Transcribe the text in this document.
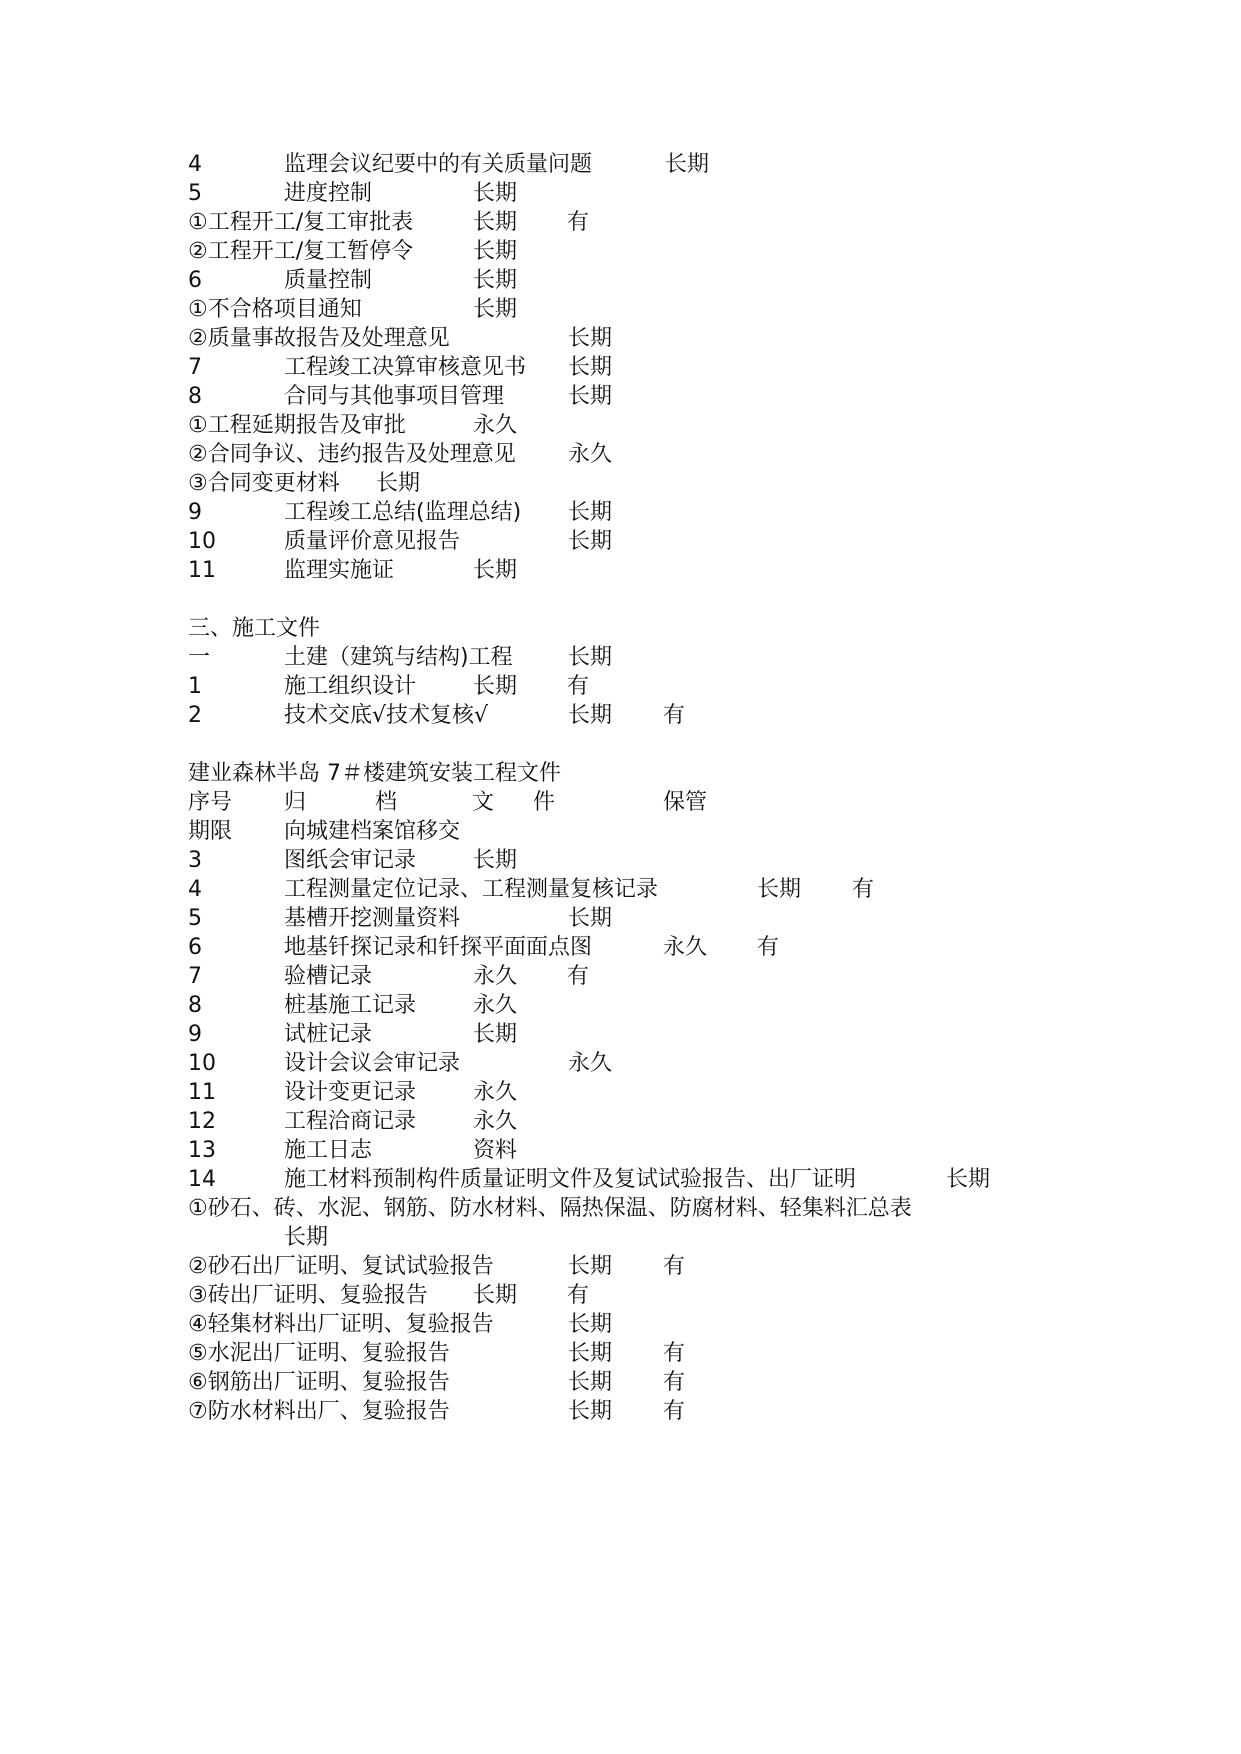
4	监理会议纪要中的有关质量问题	长期
5	进度控制	长期
①工程开工/复工审批表	长期 有
②工程开工/复工暂停令	长期
6	质量控制	长期
①不合格项目通知	长期
②质量事故报告及处理意见	长期
7	工程竣工决算审核意见书 长期
8	合同与其他事项目管理	长期
①工程延期报告及审批	永久
②合同争议、违约报告及处理意见 永久
③合同变更材料 长期
9	工程竣工总结(监理总结) 长期
10	质量评价意见报告	长期
11	监理实施证	长期
三、施工文件
一	土建（建筑与结构)工程	长期
1	施工组织设计	长期 有
2	技术交底√技术复核√	长期 有
建业森林半岛 7＃楼建筑安装工程文件
序号 归	档	文 件	保管
期限 向城建档案馆移交
3	图纸会审记录	长期
4	工程测量定位记录、工程测量复核记录	长期 有
5	基槽开挖测量资料	长期
6	地基钎探记录和钎探平面面点图	永久 有
7	验槽记录	永久 有
8	桩基施工记录	永久
9	试桩记录	长期
10	设计会议会审记录	永久
11	设计变更记录	永久
12	工程洽商记录	永久
13	施工日志	资料
14	施工材料预制构件质量证明文件及复试试验报告、出厂证明	长期
①砂石、砖、水泥、钢筋、防水材料、隔热保温、防腐材料、轻集料汇总表
长期
②砂石出厂证明、复试试验报告	长期 有
③砖出厂证明、复验报告 长期 有
④轻集材料出厂证明、复验报告	长期
⑤水泥出厂证明、复验报告	长期 有
⑥钢筋出厂证明、复验报告	长期 有
⑦防水材料出厂、复验报告	长期 有
